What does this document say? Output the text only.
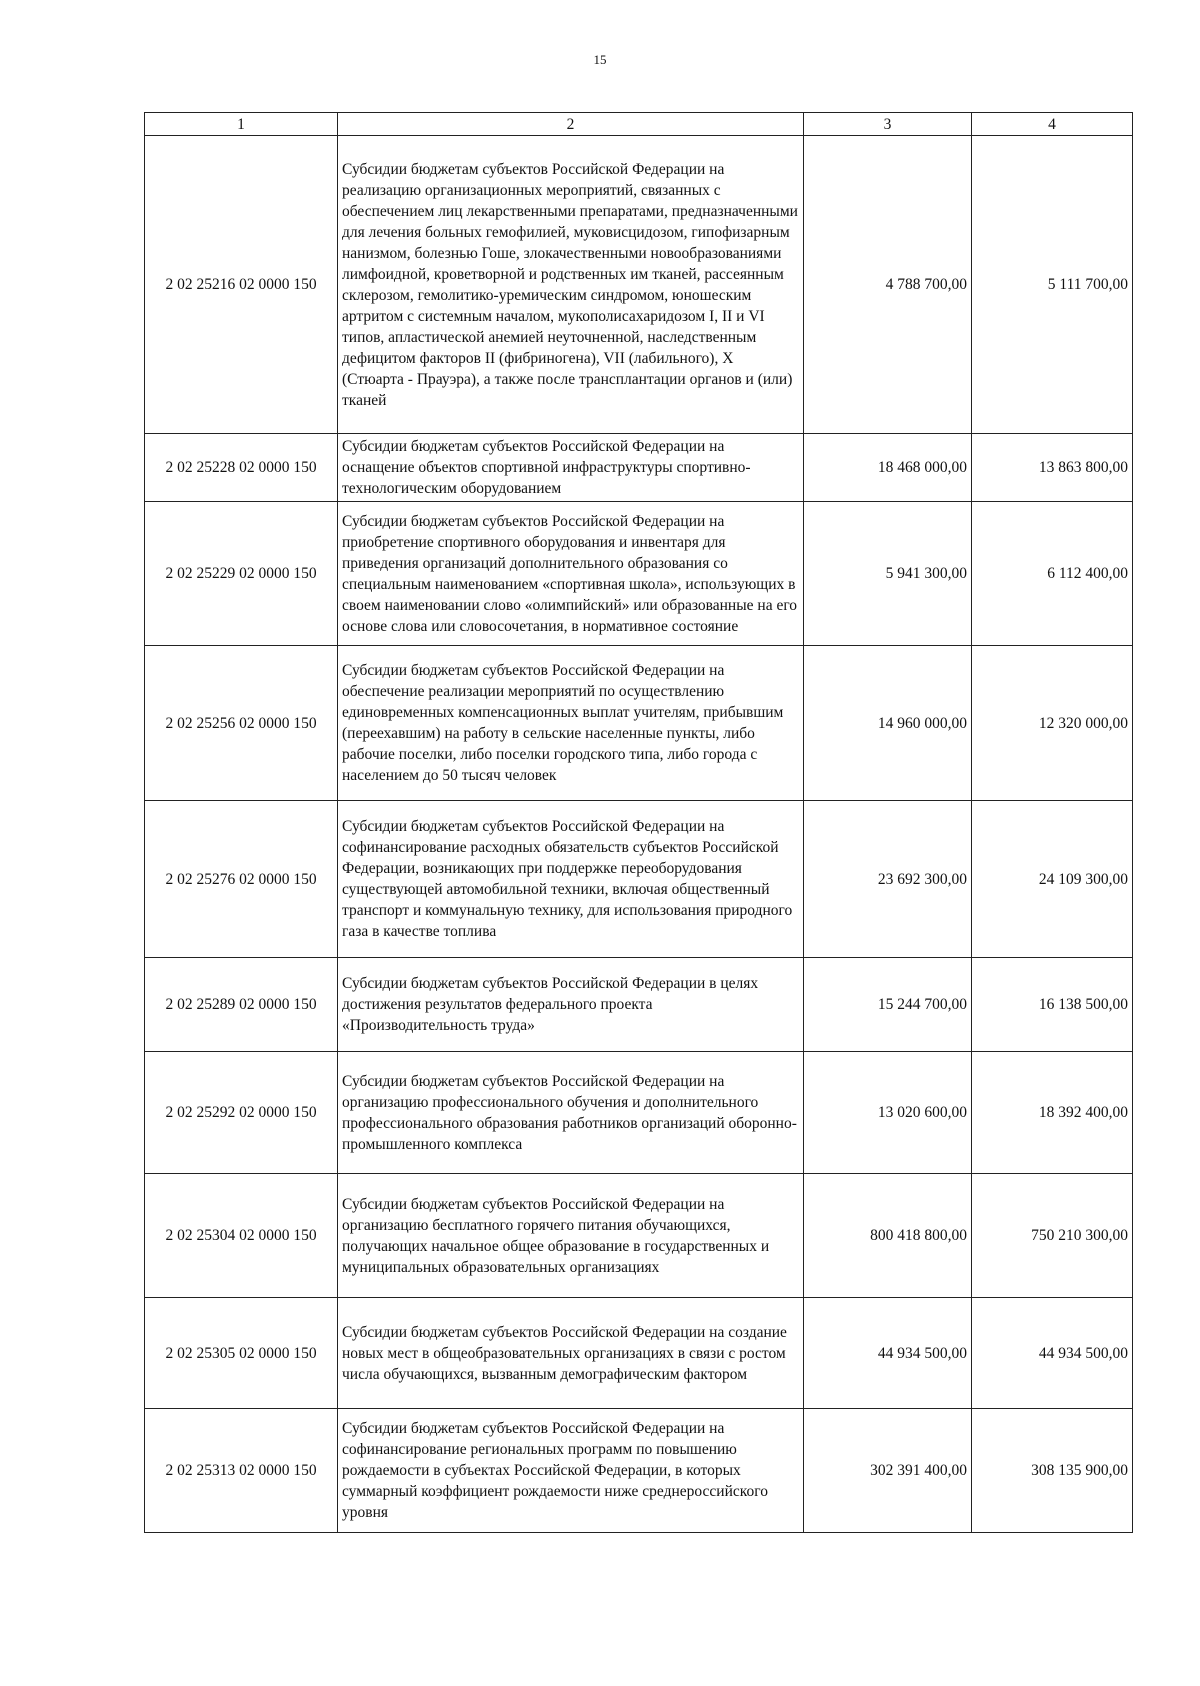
15
1	2	3	4
2 02 25216 02 0000 150	Субсидии бюджетам субъектов Российской Федерации на реализацию организационных мероприятий, связанных с обеспечением лиц лекарственными препаратами, предназначенными для лечения больных гемофилией, муковисцидозом, гипофизарным нанизмом, болезнью Гоше, злокачественными новообразованиями лимфоидной, кроветворной и родственных им тканей, рассеянным склерозом, гемолитико-уремическим синдромом, юношеским артритом с системным началом, мукополисахаридозом I, II и VI типов, апластической анемией неуточненной, наследственным дефицитом факторов II (фибриногена), VII (лабильного), X (Стюарта - Прауэра), а также после трансплантации органов и (или) тканей	4 788 700,00	5 111 700,00
2 02 25228 02 0000 150	Субсидии бюджетам субъектов Российской Федерации на оснащение объектов спортивной инфраструктуры спортивно-технологическим оборудованием	18 468 000,00	13 863 800,00
2 02 25229 02 0000 150	Субсидии бюджетам субъектов Российской Федерации на приобретение спортивного оборудования и инвентаря для приведения организаций дополнительного образования со специальным наименованием «спортивная школа», использующих в своем наименовании слово «олимпийский» или образованные на его основе слова или словосочетания, в нормативное состояние	5 941 300,00	6 112 400,00
2 02 25256 02 0000 150	Субсидии бюджетам субъектов Российской Федерации на обеспечение реализации мероприятий по осуществлению единовременных компенсационных выплат учителям, прибывшим (переехавшим) на работу в сельские населенные пункты, либо рабочие поселки, либо поселки городского типа, либо города с населением до 50 тысяч человек	14 960 000,00	12 320 000,00
2 02 25276 02 0000 150	Субсидии бюджетам субъектов Российской Федерации на софинансирование расходных обязательств субъектов Российской Федерации, возникающих при поддержке переоборудования существующей автомобильной техники, включая общественный транспорт и коммунальную технику, для использования природного газа в качестве топлива	23 692 300,00	24 109 300,00
2 02 25289 02 0000 150	Субсидии бюджетам субъектов Российской Федерации в целях достижения результатов федерального проекта «Производительность труда»	15 244 700,00	16 138 500,00
2 02 25292 02 0000 150	Субсидии бюджетам субъектов Российской Федерации на организацию профессионального обучения и дополнительного профессионального образования работников организаций оборонно-промышленного комплекса	13 020 600,00	18 392 400,00
2 02 25304 02 0000 150	Субсидии бюджетам субъектов Российской Федерации на организацию бесплатного горячего питания обучающихся, получающих начальное общее образование в государственных и муниципальных образовательных организациях	800 418 800,00	750 210 300,00
2 02 25305 02 0000 150	Субсидии бюджетам субъектов Российской Федерации на создание новых мест в общеобразовательных организациях в связи с ростом числа обучающихся, вызванным демографическим фактором	44 934 500,00	44 934 500,00
2 02 25313 02 0000 150	Субсидии бюджетам субъектов Российской Федерации на софинансирование региональных программ по повышению рождаемости в субъектах Российской Федерации, в которых суммарный коэффициент рождаемости ниже среднероссийского уровня	302 391 400,00	308 135 900,00
